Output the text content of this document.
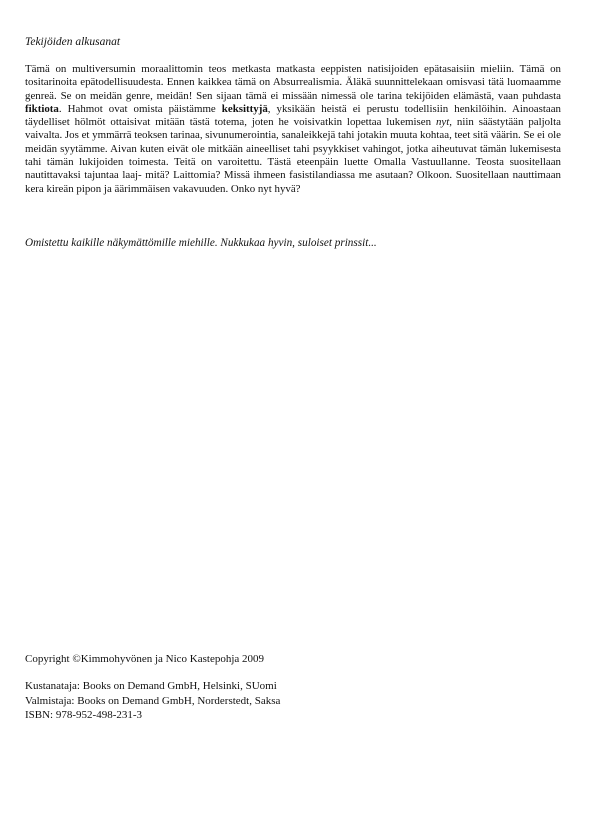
Tekijöiden alkusanat

Tämä on multiversumin moraalittomin teos metkasta matkasta eeppisten natisijoiden epätasaisiin mieliin. Tämä on tositarinoita epätodellisuudesta. Ennen kaikkea tämä on Absurrealismia. Äläkä suunnittelekaan omisvasi tätä luomaamme genreä. Se on meidän genre, meidän! Sen sijaan tämä ei missään nimessä ole tarina tekijöiden elämästä, vaan puhdasta fiktiota. Hahmot ovat omista päistämme keksittyjä, yksikään heistä ei perustu todellisiin henkilöihin. Ainoastaan täydelliset hölmöt ottaisivat mitään tästä totema, joten he voisivatkin lopettaa lukemisen nyt, niin säästytään paljolta vaivalta. Jos et ymmärrä teoksen tarinaa, sivunumerointia, sanaleikkejä tahi jotakin muuta kohtaa, teet sitä väärin. Se ei ole meidän syytämme. Aivan kuten eivät ole mitkään aineelliset tahi psyykkiset vahingot, jotka aiheutuvat tämän lukemisesta tahi tämän lukijoiden toimesta. Teitä on varoitettu. Tästä eteenpäin luette Omalla Vastuullanne. Teosta suositellaan nautittavaksi tajuntaa laaj- mitä? Laittomia? Missä ihmeen fasistilandiassa me asutaan? Olkoon. Suositellaan nauttimaan kera kireän pipon ja äärimmäisen vakavuuden. Onko nyt hyvä?

Omistettu kaikille näkymättömille miehille. Nukkukaa hyvin, suloiset prinssit...

Copyright ©Kimmohyvönen ja Nico Kastepohja 2009

Kustanataja: Books on Demand GmbH, Helsinki, SUomi
Valmistaja: Books on Demand GmbH, Norderstedt, Saksa
ISBN: 978-952-498-231-3
